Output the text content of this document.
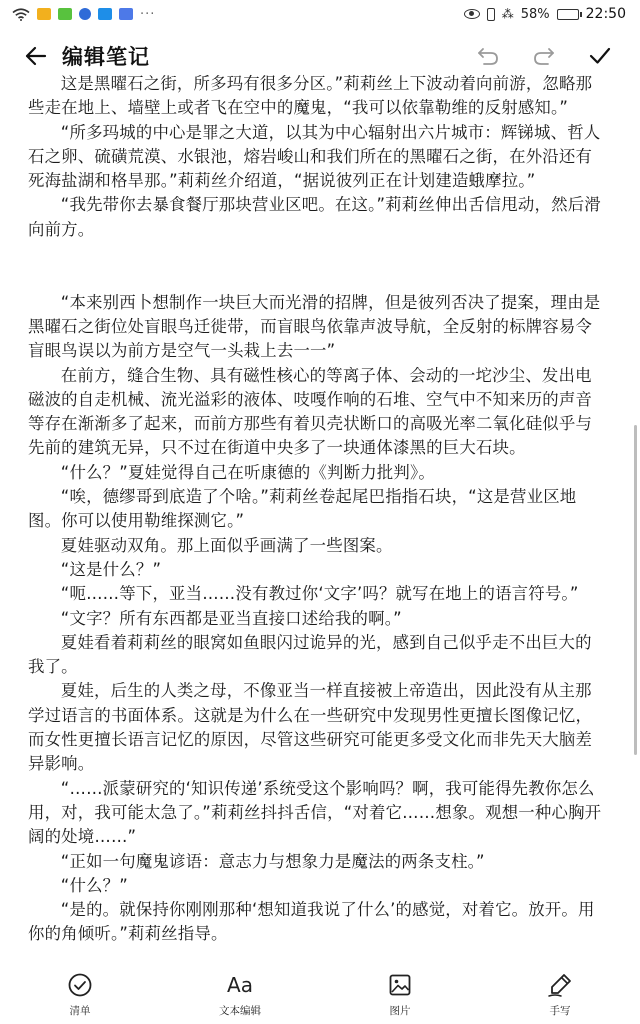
···	⁂ 58%	22:50
编辑笔记
这是黑曜石之街，所多玛有很多分区。”莉莉丝上下波动着向前游，忽略那些走在地上、墙壁上或者飞在空中的魔鬼，“我可以依靠勒维的反射感知。”
“所多玛城的中心是罪之大道，以其为中心辐射出六片城市：辉锑城、哲人石之卵、硫磺荒漠、水银池，熔岩峻山和我们所在的黑曜石之街，在外沿还有死海盐湖和格旱那。”莉莉丝介绍道，“据说彼列正在计划建造蛾摩拉。”
“我先带你去暴食餐厅那块营业区吧。在这。”莉莉丝伸出舌信甩动，然后滑向前方。
“本来别西卜想制作一块巨大而光滑的招牌，但是彼列否决了提案，理由是黑曜石之街位处盲眼鸟迁徙带，而盲眼鸟依靠声波导航，全反射的标牌容易令盲眼鸟误以为前方是空气一头栽上去一一”
在前方，缝合生物、具有磁性核心的等离子体、会动的一坨沙尘、发出电磁波的自走机械、流光溢彩的液体、吱嘎作响的石堆、空气中不知来历的声音等存在渐渐多了起来，而前方那些有着贝壳状断口的高吸光率二氧化硅似乎与先前的建筑无异，只不过在街道中央多了一块通体漆黑的巨大石块。
“什么？”夏娃觉得自己在听康德的《判断力批判》。
“唉，德缪哥到底造了个啥。”莉莉丝卷起尾巴指指石块，“这是营业区地图。你可以使用勒维探测它。”
夏娃驱动双角。那上面似乎画满了一些图案。
“这是什么？”
“呃……等下，亚当……没有教过你‘文字’吗？就写在地上的语言符号。”
“文字？所有东西都是亚当直接口述给我的啊。”
夏娃看着莉莉丝的眼窝如鱼眼闪过诡异的光，感到自己似乎走不出巨大的我了。
夏娃，后生的人类之母，不像亚当一样直接被上帝造出，因此没有从主那学过语言的书面体系。这就是为什么在一些研究中发现男性更擅长图像记忆，而女性更擅长语言记忆的原因，尽管这些研究可能更多受文化而非先天大脑差异影响。
“……派蒙研究的‘知识传递’系统受这个影响吗？啊，我可能得先教你怎么用，对，我可能太急了。”莉莉丝抖抖舌信，“对着它……想象。观想一种心胸开阔的处境……”
“正如一句魔鬼谚语：意志力与想象力是魔法的两条支柱。”
“什么？”
“是的。就保持你刚刚那种‘想知道我说了什么’的感觉，对着它。放开。用你的角倾听。”莉莉丝指导。
清单
Aa
文本编辑	图片	手写
